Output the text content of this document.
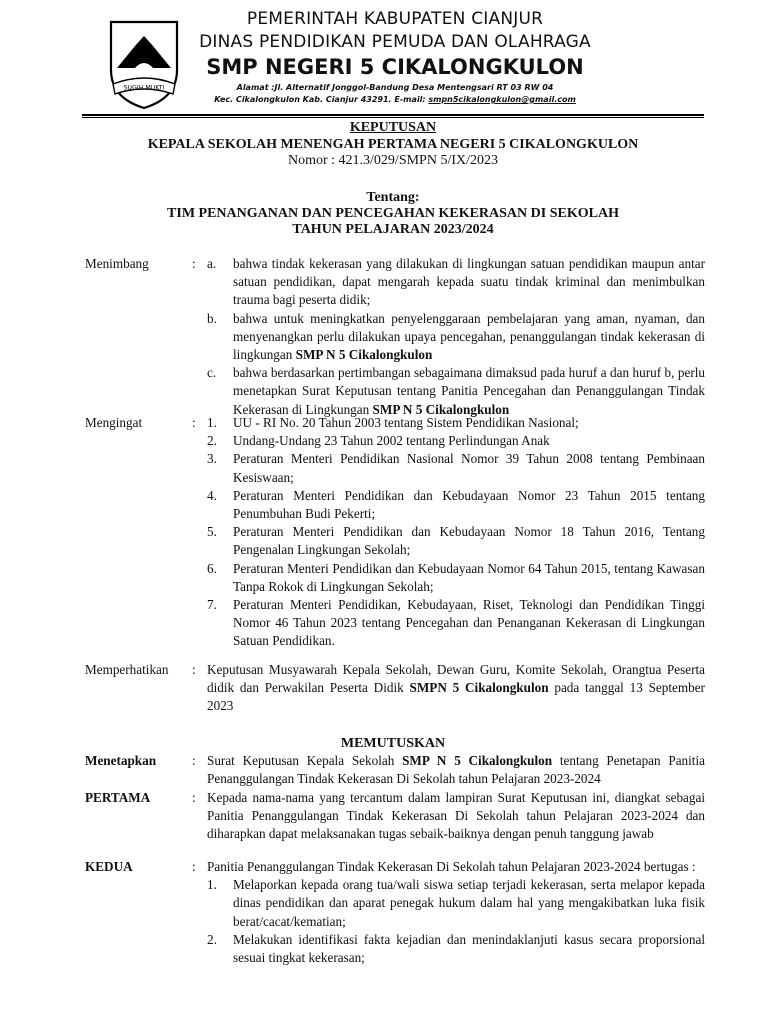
SUGIH MUKTI
PEMERINTAH KABUPATEN CIANJUR
DINAS PENDIDIKAN PEMUDA DAN OLAHRAGA
SMP NEGERI 5 CIKALONGKULON
Alamat :Jl. Alternatif Jonggol-Bandung Desa Mentengsari RT 03 RW 04
Kec. Cikalongkulon Kab. Cianjur 43291. E-mail: smpn5cikalongkulon@gmail.com
KEPUTUSAN
KEPALA SEKOLAH MENENGAH PERTAMA NEGERI 5 CIKALONGKULON
Nomor : 421.3/029/SMPN 5/IX/2023
Tentang:
TIM PENANGANAN DAN PENCEGAHAN KEKERASAN DI SEKOLAH
TAHUN PELAJARAN 2023/2024
Menimbang	: a. bahwa tindak kekerasan yang dilakukan di lingkungan satuan pendidikan maupun antar satuan pendidikan, dapat mengarah kepada suatu tindak kriminal dan menimbulkan trauma bagi peserta didik;
b. bahwa untuk meningkatkan penyelenggaraan pembelajaran yang aman, nyaman, dan menyenangkan perlu dilakukan upaya pencegahan, penanggulangan tindak kekerasan di lingkungan SMP N 5 Cikalongkulon
c. bahwa berdasarkan pertimbangan sebagaimana dimaksud pada huruf a dan huruf b, perlu menetapkan Surat Keputusan tentang Panitia Pencegahan dan Penanggulangan Tindak Kekerasan di Lingkungan SMP N 5 Cikalongkulon
Mengingat	: 1. UU - RI No. 20 Tahun 2003 tentang Sistem Pendidikan Nasional;
2. Undang-Undang 23 Tahun 2002 tentang Perlindungan Anak
3. Peraturan Menteri Pendidikan Nasional Nomor 39 Tahun 2008 tentang Pembinaan Kesiswaan;
4. Peraturan Menteri Pendidikan dan Kebudayaan Nomor 23 Tahun 2015 tentang Penumbuhan Budi Pekerti;
5. Peraturan Menteri Pendidikan dan Kebudayaan Nomor 18 Tahun 2016, Tentang Pengenalan Lingkungan Sekolah;
6. Peraturan Menteri Pendidikan dan Kebudayaan Nomor 64 Tahun 2015, tentang Kawasan Tanpa Rokok di Lingkungan Sekolah;
7. Peraturan Menteri Pendidikan, Kebudayaan, Riset, Teknologi dan Pendidikan Tinggi Nomor 46 Tahun 2023 tentang Pencegahan dan Penanganan Kekerasan di Lingkungan Satuan Pendidikan.
Memperhatikan : Keputusan Musyawarah Kepala Sekolah, Dewan Guru, Komite Sekolah, Orangtua Peserta didik dan Perwakilan Peserta Didik SMPN 5 Cikalongkulon pada tanggal 13 September 2023
MEMUTUSKAN
Menetapkan	: Surat Keputusan Kepala Sekolah SMP N 5 Cikalongkulon tentang Penetapan Panitia Penanggulangan Tindak Kekerasan Di Sekolah tahun Pelajaran 2023-2024
PERTAMA	: Kepada nama-nama yang tercantum dalam lampiran Surat Keputusan ini, diangkat sebagai Panitia Penanggulangan Tindak Kekerasan Di Sekolah tahun Pelajaran 2023-2024 dan diharapkan dapat melaksanakan tugas sebaik-baiknya dengan penuh tanggung jawab
KEDUA	: Panitia Penanggulangan Tindak Kekerasan Di Sekolah tahun Pelajaran 2023-2024 bertugas :
1. Melaporkan kepada orang tua/wali siswa setiap terjadi kekerasan, serta melapor kepada dinas pendidikan dan aparat penegak hukum dalam hal yang mengakibatkan luka fisik berat/cacat/kematian;
2. Melakukan identifikasi fakta kejadian dan menindaklanjuti kasus secara proporsional sesuai tingkat kekerasan;
